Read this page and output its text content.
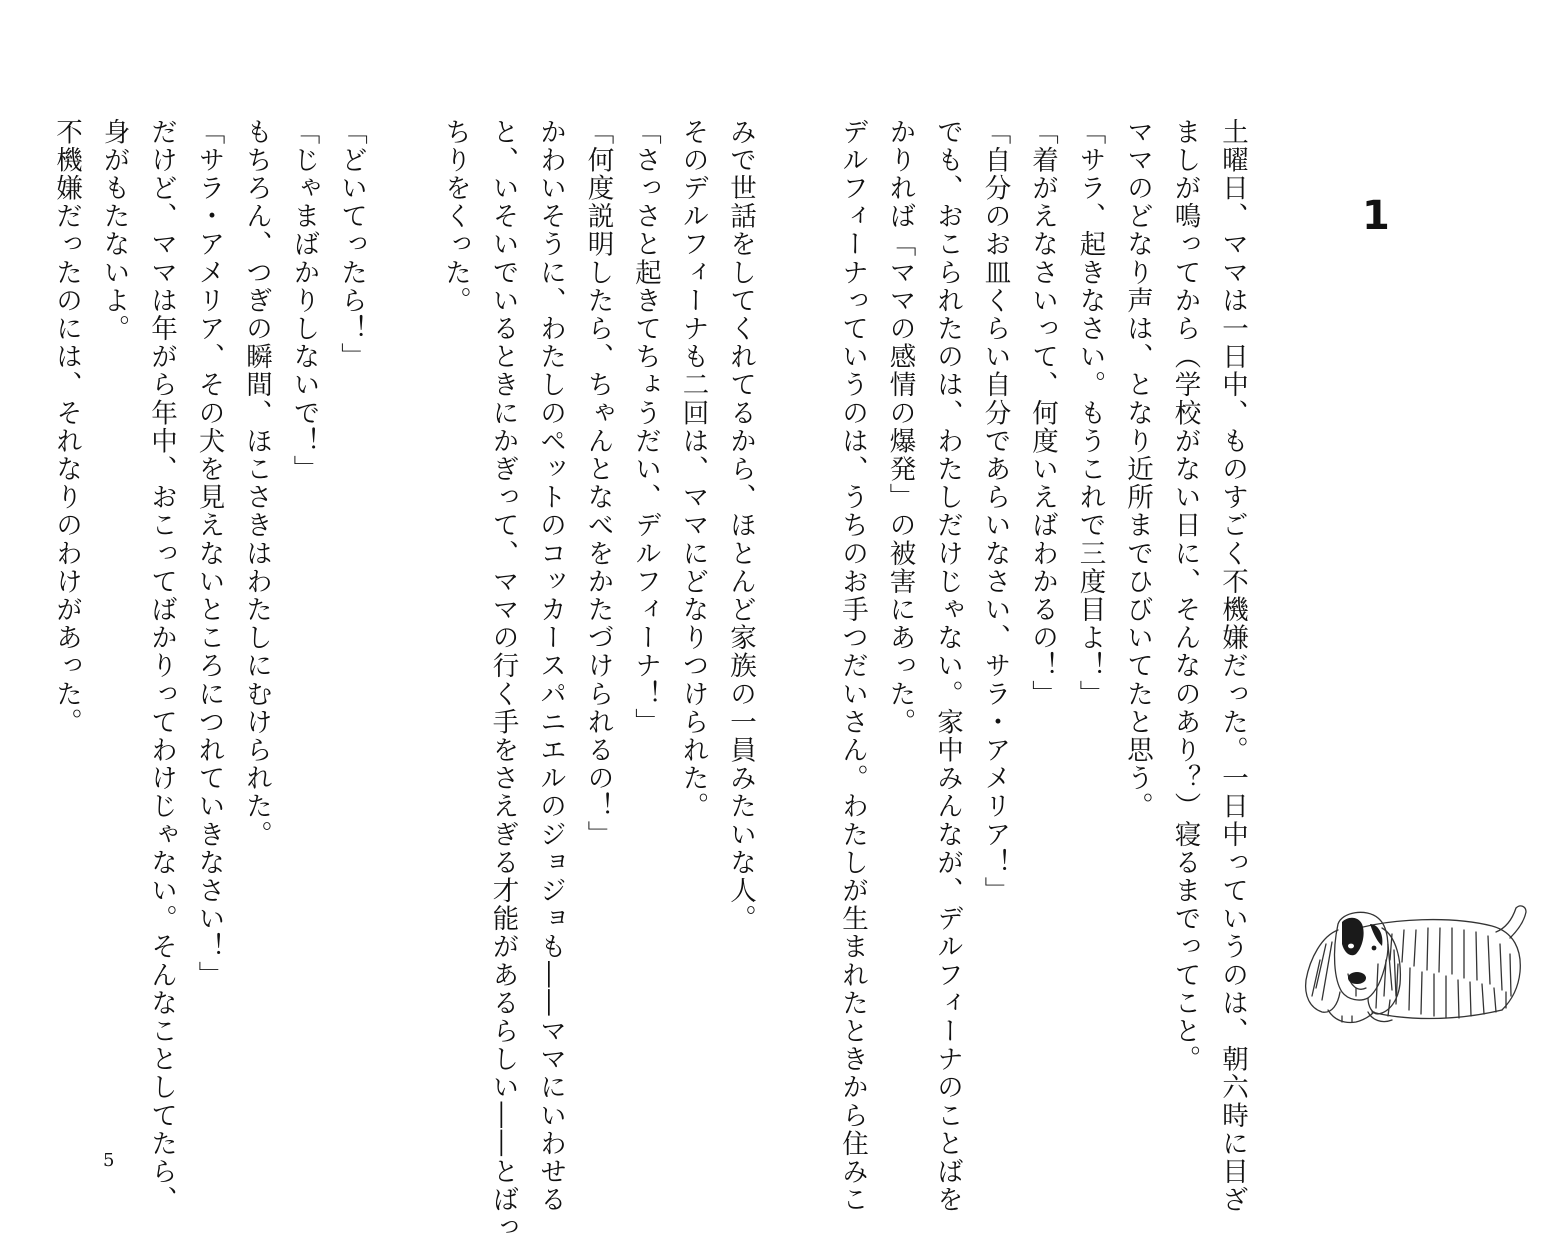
1

土曜日、ママは一日中、ものすごく不機嫌だった。一日中っていうのは、朝六時に目ざ
ましが鳴ってから（学校がない日に、そんなのあり？）寝るまでってこと。
ママのどなり声は、となり近所までひびいてたと思う。
「サラ、起きなさい。もうこれで三度目よ！」
「着がえなさいって、何度いえばわかるの！」
「自分のお皿くらい自分であらいなさい、サラ・アメリア！」
でも、おこられたのは、わたしだけじゃない。家中みんなが、デルフィーナのことばを
かりれば「ママの感情の爆発」の被害にあった。
デルフィーナっていうのは、うちのお手つだいさん。わたしが生まれたときから住みこ

みで世話をしてくれてるから、ほとんど家族の一員みたいな人。
そのデルフィーナも二回は、ママにどなりつけられた。
「さっさと起きてちょうだい、デルフィーナ！」
「何度説明したら、ちゃんとなべをかたづけられるの！」
かわいそうに、わたしのペットのコッカースパニエルのジョジョも――ママにいわせる
と、いそいでいるときにかぎって、ママの行く手をさえぎる才能があるらしい――とばっ
ちりをくった。

「どいてったら！」
「じゃまばかりしないで！」
もちろん、つぎの瞬間、ほこさきはわたしにむけられた。
「サラ・アメリア、その犬を見えないところにつれていきなさい！」
だけど、ママは年がら年中、おこってばかりってわけじゃない。そんなことしてたら、
身がもたないよ。
不機嫌だったのには、それなりのわけがあった。

5
